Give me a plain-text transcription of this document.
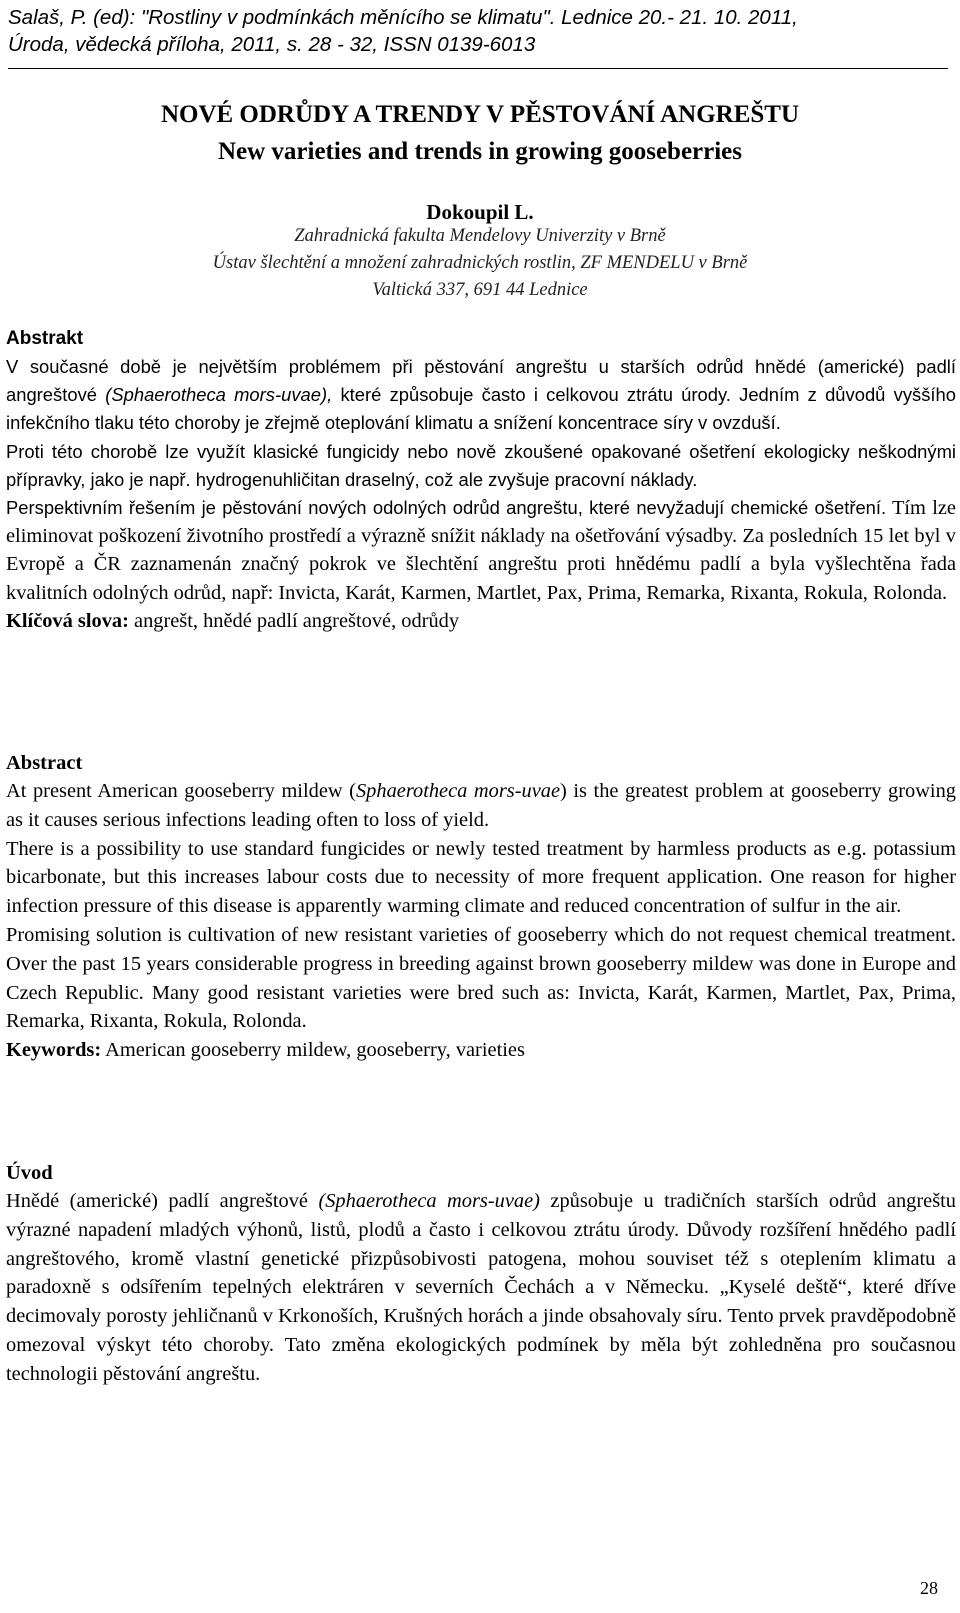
Salaš, P. (ed): "Rostliny v podmínkách měnícího se klimatu". Lednice 20.- 21. 10. 2011,
Úroda, vědecká příloha, 2011, s. 28 - 32, ISSN 0139-6013
NOVÉ ODRŮDY A TRENDY V PĚSTOVÁNÍ ANGREŠTU
New varieties and trends in growing gooseberries
Dokoupil L.
Zahradnická fakulta Mendelovy Univerzity v Brně
Ústav šlechtění a množení zahradnických rostlin, ZF MENDELU v Brně
Valtická 337, 691 44 Lednice
Abstrakt

V současné době je největším problémem při pěstování angreštu u starších odrůd hnědé (americké) padlí angreštové (Sphaerotheca mors-uvae), které způsobuje často i celkovou ztrátu úrody. Jedním z důvodů vyššího infekčního tlaku této choroby je zřejmě oteplování klimatu a snížení koncentrace síry v ovzduší.

Proti této chorobě lze využít klasické fungicidy nebo nově zkoušené opakované ošetření ekologicky neškodnými přípravky, jako je např. hydrogenuhličitan draselný, což ale zvyšuje pracovní náklady.

Perspektivním řešením je pěstování nových odolných odrůd angreštu, které nevyžadují chemické ošetření. Tím lze eliminovat poškození životního prostředí a výrazně snížit náklady na ošetřování výsadby. Za posledních 15 let byl v Evropě a ČR zaznamenán značný pokrok ve šlechtění angreštu proti hnědému padlí a byla vyšlechtěna řada kvalitních odolných odrůd, např: Invicta, Karát, Karmen, Martlet, Pax, Prima, Remarka, Rixanta, Rokula, Rolonda.

Klíčová slova: angrešt, hnědé padlí angreštové, odrůdy

Abstract

At present American gooseberry mildew (Sphaerotheca mors-uvae) is the greatest problem at gooseberry growing as it causes serious infections leading often to loss of yield.

There is a possibility to use standard fungicides or newly tested treatment by harmless products as e.g. potassium bicarbonate, but this increases labour costs due to necessity of more frequent application. One reason for higher infection pressure of this disease is apparently warming climate and reduced concentration of sulfur in the air.

Promising solution is cultivation of new resistant varieties of gooseberry which do not request chemical treatment. Over the past 15 years considerable progress in breeding against brown gooseberry mildew was done in Europe and Czech Republic. Many good resistant varieties were bred such as: Invicta, Karát, Karmen, Martlet, Pax, Prima, Remarka, Rixanta, Rokula, Rolonda.

Keywords: American gooseberry mildew, gooseberry, varieties

Úvod

Hnědé (americké) padlí angreštové (Sphaerotheca mors-uvae) způsobuje u tradičních starších odrůd angreštu výrazné napadení mladých výhonů, listů, plodů a často i celkovou ztrátu úrody. Důvody rozšíření hnědého padlí angreštového, kromě vlastní genetické přizpůsobivosti patogena, mohou souviset též s oteplením klimatu a paradoxně s odsířením tepelných elektráren v severních Čechách a v Německu. „Kyselé deště“, které dříve decimovaly porosty jehličnanů v Krkonoších, Krušných horách a jinde obsahovaly síru. Tento prvek pravděpodobně omezoval výskyt této choroby. Tato změna ekologických podmínek by měla být zohledněna pro současnou technologii pěstování angreštu.

28
